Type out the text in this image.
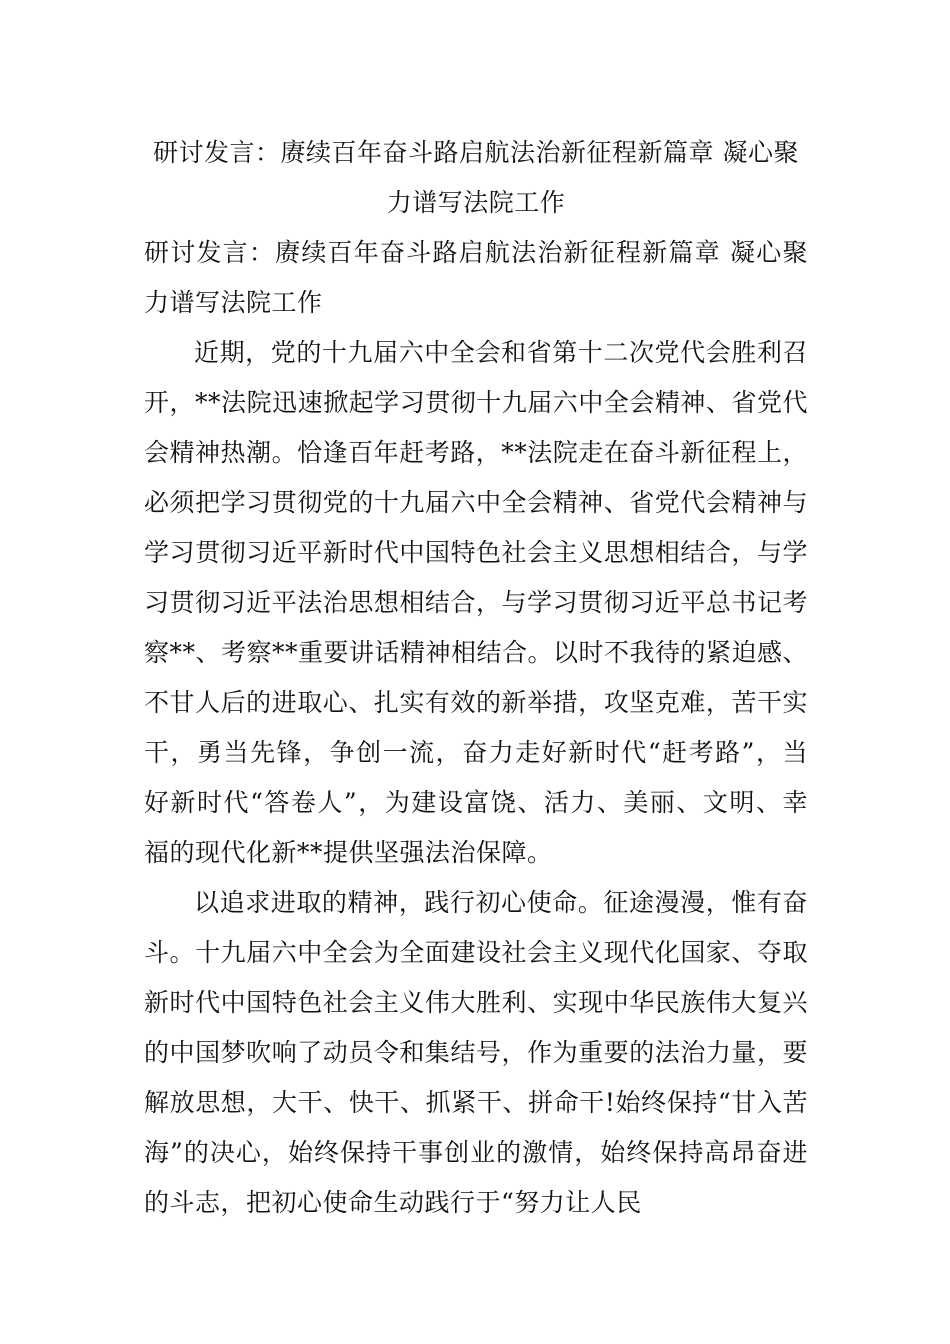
研讨发言：赓续百年奋斗路启航法治新征程新篇章 凝心聚力谱写法院工作

研讨发言：赓续百年奋斗路启航法治新征程新篇章 凝心聚力谱写法院工作

近期，党的十九届六中全会和省第十二次党代会胜利召开，**法院迅速掀起学习贯彻十九届六中全会精神、省党代会精神热潮。恰逢百年赶考路，**法院走在奋斗新征程上，必须把学习贯彻党的十九届六中全会精神、省党代会精神与学习贯彻习近平新时代中国特色社会主义思想相结合，与学习贯彻习近平法治思想相结合，与学习贯彻习近平总书记考察**、考察**重要讲话精神相结合。以时不我待的紧迫感、不甘人后的进取心、扎实有效的新举措，攻坚克难，苦干实干，勇当先锋，争创一流，奋力走好新时代“赶考路”，当好新时代“答卷人”，为建设富饶、活力、美丽、文明、幸福的现代化新**提供坚强法治保障。

以追求进取的精神，践行初心使命。征途漫漫，惟有奋斗。十九届六中全会为全面建设社会主义现代化国家、夺取新时代中国特色社会主义伟大胜利、实现中华民族伟大复兴的中国梦吹响了动员令和集结号，作为重要的法治力量，要解放思想，大干、快干、抓紧干、拼命干!始终保持“甘入苦海”的决心，始终保持干事创业的激情，始终保持高昂奋进的斗志，把初心使命生动践行于“努力让人民
